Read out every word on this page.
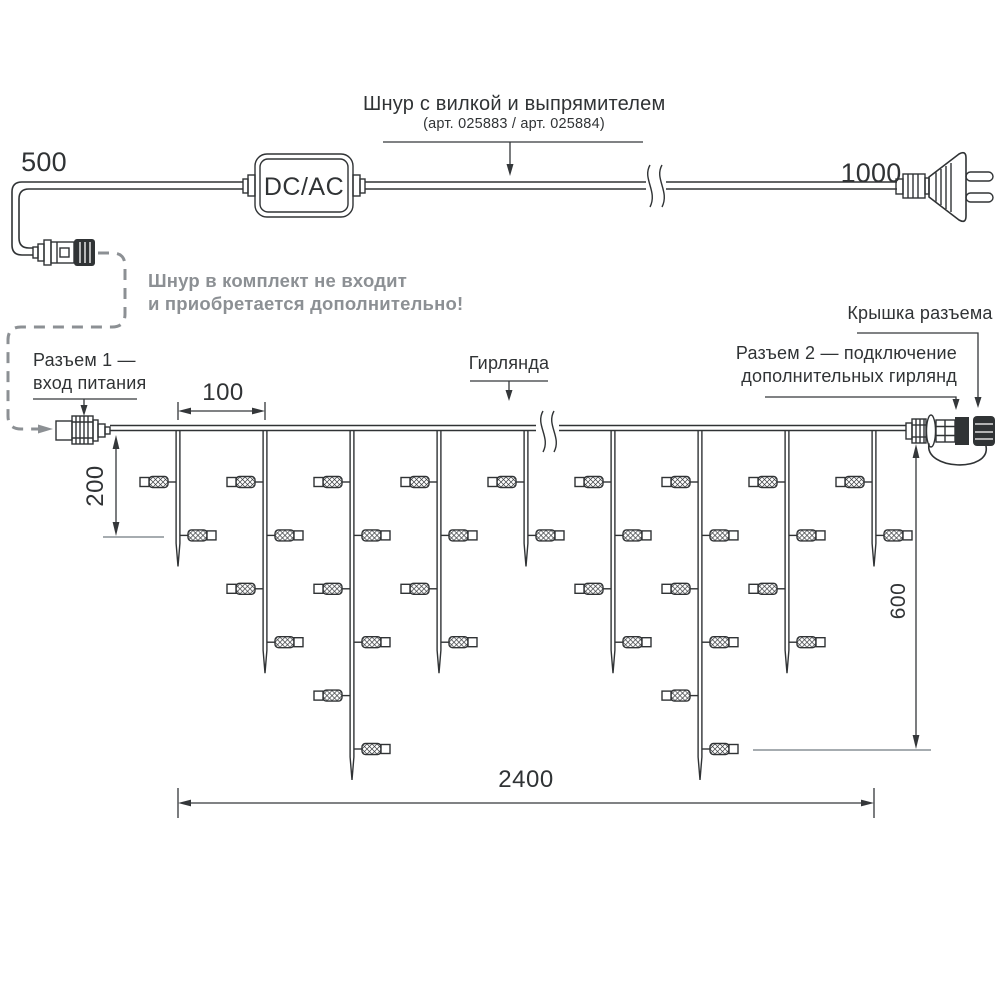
500	1000
DC/AC
Шнур с вилкой и выпрямителем
(арт. 025883 / арт. 025884)
Шнур в комплект не входит
и приобретается дополнительно!
Разъем 1 —
вход питания
Гирлянда	Разъем 2 — подключение
дополнительных гирлянд
Крышка разъема
100
200
600
2400
